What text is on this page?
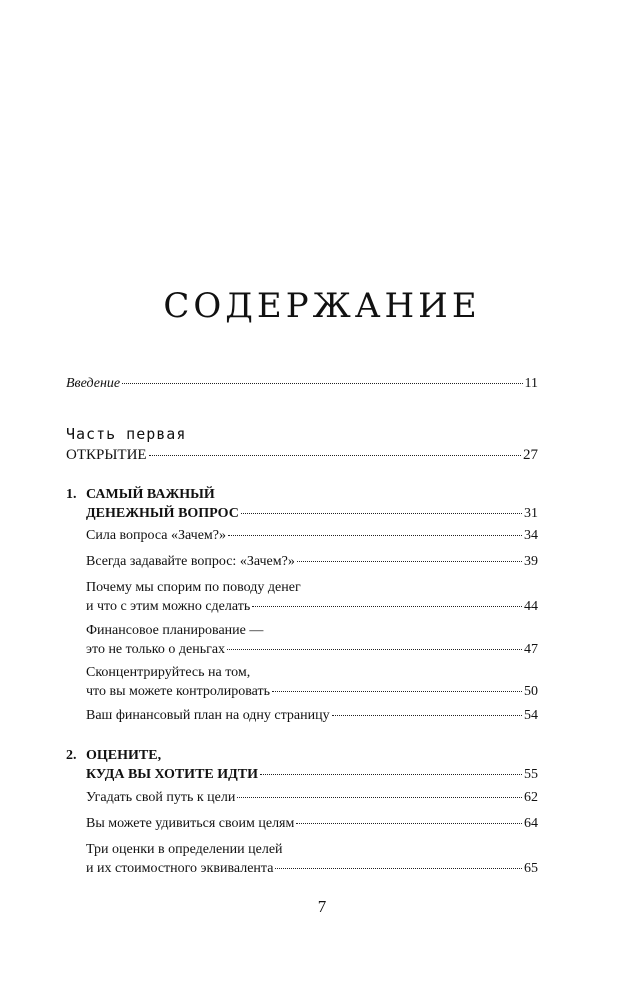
СОДЕРЖАНИЕ
Введение	11
Часть первая
ОТКРЫТИЕ	27
1. САМЫЙ ВАЖНЫЙ
ДЕНЕЖНЫЙ ВОПРОС	31
Сила вопроса «Зачем?»	34
Всегда задавайте вопрос: «Зачем?»	39
Почему мы спорим по поводу денег
и что с этим можно сделать	44
Финансовое планирование —
это не только о деньгах	47
Сконцентрируйтесь на том,
что вы можете контролировать	50
Ваш финансовый план на одну страницу	54
2. ОЦЕНИТЕ,
КУДА ВЫ ХОТИТЕ ИДТИ	55
Угадать свой путь к цели	62
Вы можете удивиться своим целям	64
Три оценки в определении целей
и их стоимостного эквивалента	65
7
